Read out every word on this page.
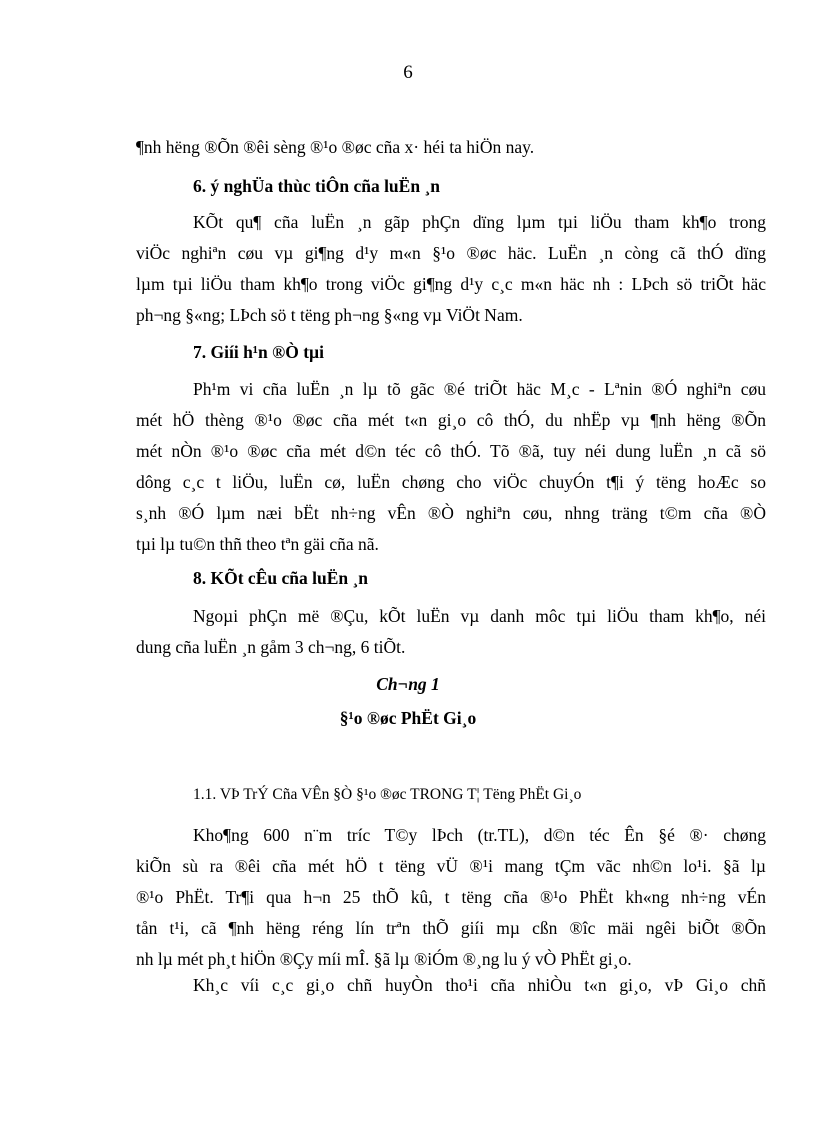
6
¶nh hëng ®Õn ®êi sèng ®¹o ®øc cña x· héi ta hiÖn nay.
6. ý nghÜa thùc tiÔn cña luËn ¸n
KÕt qu¶ cña luËn ¸n gãp phÇn dïng lµm tµi liÖu tham kh¶o trong
viÖc nghiªn cøu vµ gi¶ng d¹y m«n §¹o ®øc häc. LuËn ¸n còng cã thÓ dïng
lµm tµi liÖu tham kh¶o trong viÖc gi¶ng d¹y c¸c m«n häc nh : LÞch sö triÕt häc
ph¬ng §«ng; LÞch sö t tëng ph¬ng §«ng vµ ViÖt Nam.
7. Giíi h¹n ®Ò tµi
Ph¹m vi cña luËn ¸n lµ tõ gãc ®é triÕt häc M¸c - Lªnin ®Ó nghiªn cøu
mét hÖ thèng ®¹o ®øc cña mét t«n gi¸o cô thÓ, du nhËp vµ ¶nh hëng ®Õn
mét nÒn ®¹o ®øc cña mét d©n téc cô thÓ. Tõ ®ã, tuy néi dung luËn ¸n cã sö
dông c¸c t liÖu, luËn cø, luËn chøng cho viÖc chuyÓn t¶i ý tëng hoÆc so
s¸nh ®Ó lµm næi bËt nh÷ng vÊn ®Ò nghiªn cøu, nhng träng t©m cña ®Ò
tµi lµ tu©n thñ theo tªn gäi cña nã.
8. KÕt cÊu cña luËn ¸n
Ngoµi phÇn më ®Çu, kÕt luËn vµ danh môc tµi liÖu tham kh¶o, néi
dung cña luËn ¸n gåm 3 ch¬ng, 6 tiÕt.
Ch¬ng 1
§¹o ®øc PhËt Gi¸o
1.1. VÞ TrÝ Cña VÊn §Ò §¹o ®øc TRONG T¦ Tëng PhËt Gi¸o
Kho¶ng 600 n¨m tríc T©y lÞch (tr.TL), d©n téc Ên §é ®· chøng
kiÕn sù ra ®êi cña mét hÖ t tëng vÜ ®¹i mang tÇm vãc nh©n lo¹i. §ã lµ
®¹o PhËt. Tr¶i qua h¬n 25 thÕ kû, t tëng cña ®¹o PhËt kh«ng nh÷ng vÉn
tån t¹i, cã ¶nh hëng réng lín trªn thÕ giíi mµ cßn ®îc mäi ngêi biÕt ®Õn
nh lµ mét ph¸t hiÖn ®Çy míi mÎ. §ã lµ ®iÓm ®¸ng lu ý vÒ PhËt gi¸o.
Kh¸c víi c¸c gi¸o chñ huyÒn tho¹i cña nhiÒu t«n gi¸o, vÞ Gi¸o chñ
